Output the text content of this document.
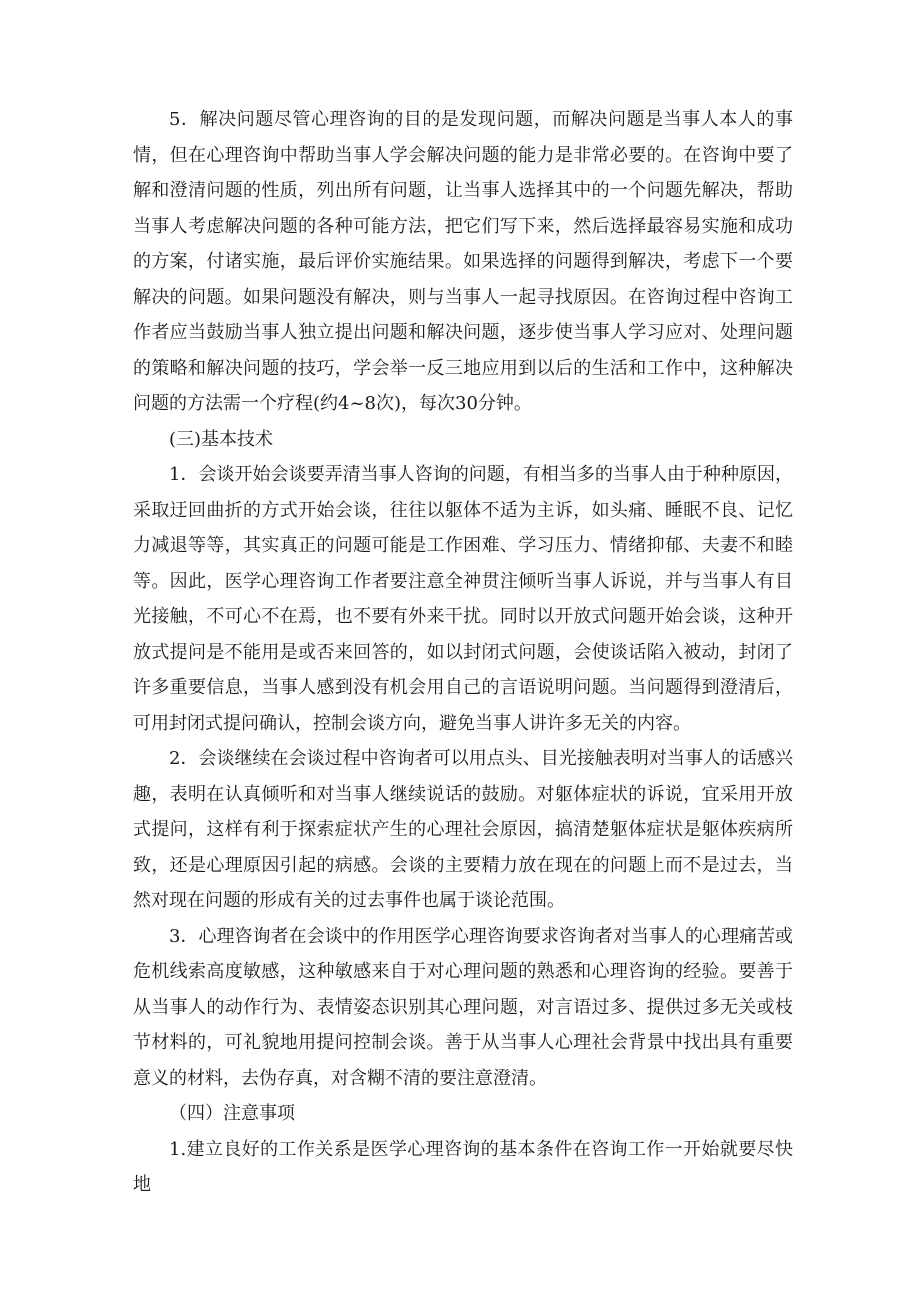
5．解决问题尽管心理咨询的目的是发现问题，而解决问题是当事人本人的事情，但在心理咨询中帮助当事人学会解决问题的能力是非常必要的。在咨询中要了解和澄清问题的性质，列出所有问题，让当事人选择其中的一个问题先解决，帮助当事人考虑解决问题的各种可能方法，把它们写下来，然后选择最容易实施和成功的方案，付诸实施，最后评价实施结果。如果选择的问题得到解决，考虑下一个要解决的问题。如果问题没有解决，则与当事人一起寻找原因。在咨询过程中咨询工作者应当鼓励当事人独立提出问题和解决问题，逐步使当事人学习应对、处理问题的策略和解决问题的技巧，学会举一反三地应用到以后的生活和工作中，这种解决问题的方法需一个疗程(约4~8次)，每次30分钟。

(三)基本技术

1．会谈开始会谈要弄清当事人咨询的问题，有相当多的当事人由于种种原因，采取迂回曲折的方式开始会谈，往往以躯体不适为主诉，如头痛、睡眠不良、记忆力减退等等，其实真正的问题可能是工作困难、学习压力、情绪抑郁、夫妻不和睦等。因此，医学心理咨询工作者要注意全神贯注倾听当事人诉说，并与当事人有目光接触，不可心不在焉，也不要有外来干扰。同时以开放式问题开始会谈，这种开放式提问是不能用是或否来回答的，如以封闭式问题，会使谈话陷入被动，封闭了许多重要信息，当事人感到没有机会用自己的言语说明问题。当问题得到澄清后，可用封闭式提问确认，控制会谈方向，避免当事人讲许多无关的内容。

2．会谈继续在会谈过程中咨询者可以用点头、目光接触表明对当事人的话感兴趣，表明在认真倾听和对当事人继续说话的鼓励。对躯体症状的诉说，宜采用开放式提问，这样有利于探索症状产生的心理社会原因，搞清楚躯体症状是躯体疾病所致，还是心理原因引起的病感。会谈的主要精力放在现在的问题上而不是过去，当然对现在问题的形成有关的过去事件也属于谈论范围。

3．心理咨询者在会谈中的作用医学心理咨询要求咨询者对当事人的心理痛苦或危机线索高度敏感，这种敏感来自于对心理问题的熟悉和心理咨询的经验。要善于从当事人的动作行为、表情姿态识别其心理问题，对言语过多、提供过多无关或枝节材料的，可礼貌地用提问控制会谈。善于从当事人心理社会背景中找出具有重要意义的材料，去伪存真，对含糊不清的要注意澄清。

（四）注意事项

1.建立良好的工作关系是医学心理咨询的基本条件在咨询工作一开始就要尽快地
